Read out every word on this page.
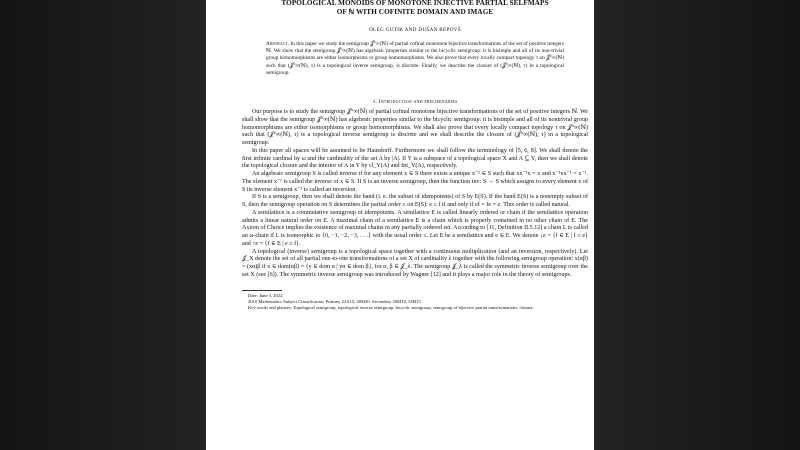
TOPOLOGICAL MONOIDS OF MONOTONE INJECTIVE PARTIAL SELFMAPS
OF ℕ WITH COFINITE DOMAIN AND IMAGE
OLEG GUTIK AND DUŠAN REPOVŠ
Abstract. In this paper we study the semigroup 𝒥°∞(ℕ) of partial cofinal monotone bijective transformations of the set of positive integers ℕ. We show that the semigroup 𝒥°∞(ℕ) has algebraic properties similar to the bicyclic semigroup: it is bisimple and all of its non-trivial group homomorphisms are either isomorphisms or group homomorphisms. We also prove that every locally compact topology τ on 𝒥°∞(ℕ) such that (𝒥°∞(ℕ), τ) is a topological inverse semigroup, is discrete. Finally, we describe the closure of (𝒥°∞(ℕ), τ) in a topological semigroup.
1. Introduction and preliminaries

Our purpose is to study the semigroup 𝒥°∞(ℕ) of partial cofinal monotone bijective transformations of the set of positive integers ℕ. We shall show that the semigroup 𝒥°∞(ℕ) has algebraic properties similar to the bicyclic semigroup: it is bisimple and all of its nontrivial group homomorphisms are either isomorphisms or group homomorphisms. We shall also prove that every locally compact topology τ on 𝒥°∞(ℕ) such that (𝒥°∞(ℕ), τ) is a topological inverse semigroup is discrete and we shall describe the closure of (𝒥°∞(ℕ), τ) in a topological semigroup.

In this paper all spaces will be assumed to be Hausdorff. Furthermore we shall follow the terminology of [5, 6, 8]. We shall denote the first infinite cardinal by ω and the cardinality of the set A by |A|. If Y is a subspace of a topological space X and A ⊆ Y, then we shall denote the topological closure and the interior of A in Y by cl_Y(A) and Int_Y(A), respectively.

An algebraic semigroup S is called inverse if for any element x ∈ S there exists a unique x⁻¹ ∈ S such that xx⁻¹x = x and x⁻¹xx⁻¹ = x⁻¹. The element x⁻¹ is called the inverse of x ∈ S. If S is an inverse semigroup, then the function inv: S → S which assigns to every element x of S its inverse element x⁻¹ is called an inversion.

If S is a semigroup, then we shall denote the band (i. e. the subset of idempotents) of S by E(S). If the band E(S) is a nonempty subset of S, then the semigroup operation on S determines the partial order ≤ on E(S): e ≤ f if and only if ef = fe = e. This order is called natural.

A semilattice is a commutative semigroup of idempotents. A semilattice E is called linearly ordered or chain if the semilattice operation admits a linear natural order on E. A maximal chain of a semilattice E is a chain which is properly contained in no other chain of E. The Axiom of Choice implies the existence of maximal chains in any partially ordered set. According to [11, Definition II.5.12] a chain L is called an ω-chain if L is isomorphic to {0, −1, −2, −3, . . .} with the usual order ≤. Let E be a semilattice and e ∈ E. We denote ↓e = {f ∈ E | f ≤ e} and ↑e = {f ∈ E | e ≤ f}.

A topological (inverse) semigroup is a topological space together with a continuous multiplication (and an inversion, respectively). Let 𝒥_X denote the set of all partial one-to-one transformations of a set X of cardinality λ together with the following semigroup operation: x(αβ) = (xα)β if x ∈ dom(αβ) = {y ∈ dom α | yα ∈ dom β}, for α, β ∈ 𝒥_λ. The semigroup 𝒥_λ is called the symmetric inverse semigroup over the set X (see [6]). The symmetric inverse semigroup was introduced by Wagner [12] and it plays a major role in the theory of semigroups.

Date: June 3, 2022.

2010 Mathematics Subject Classification. Primary 22A15, 20M20. Secondary 20M18, 54H15.

Key words and phrases. Topological semigroup, topological inverse semigroup, bicyclic semigroup, semigroup of bijective partial transformations, closure.
